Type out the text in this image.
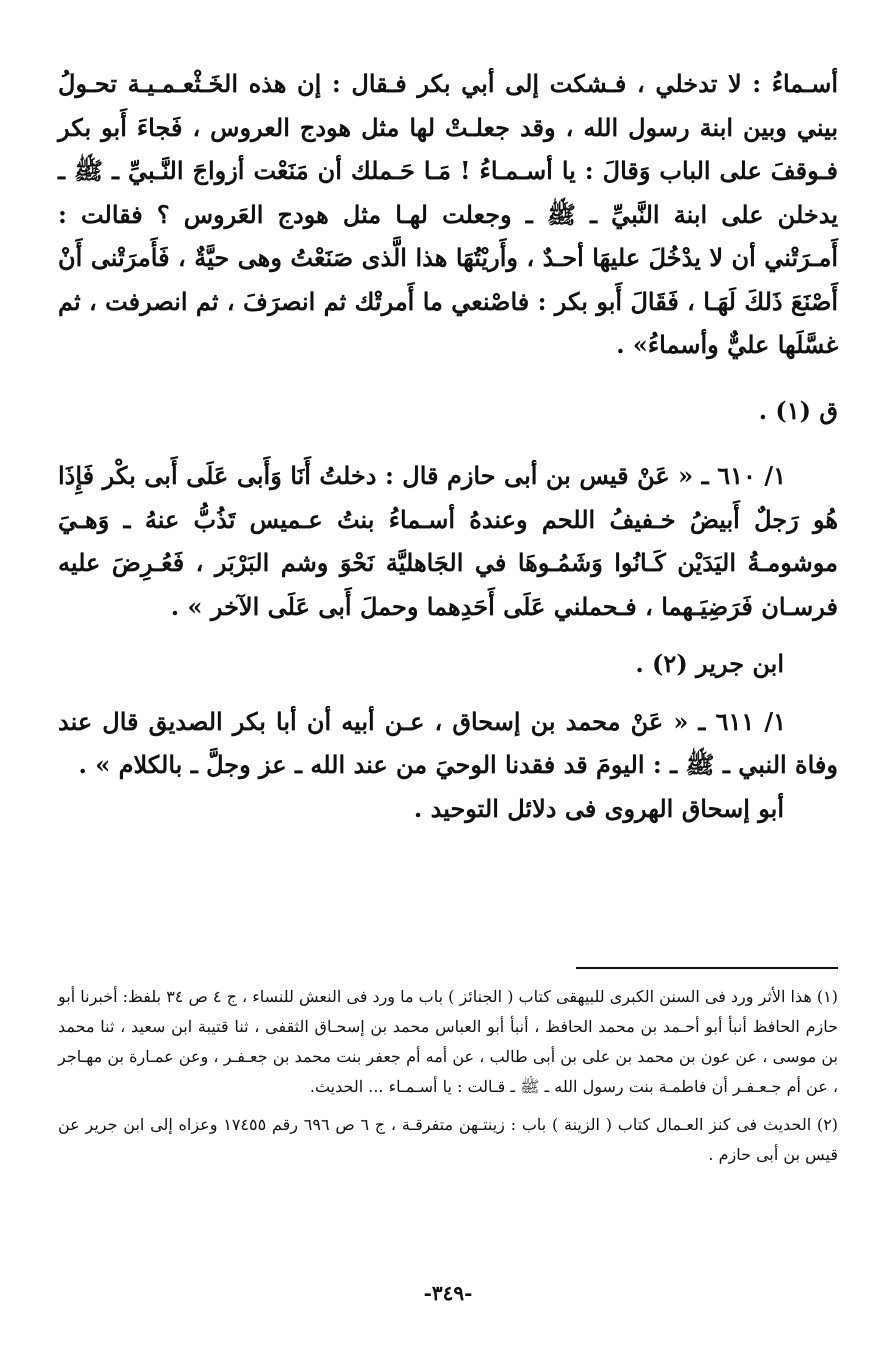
أسـماءُ : لا تدخلي ، فـشكت إلى أبي بكر فـقال : إن هذه الخَـثْعـمـيـة تحـولُ بيني وبين ابنة رسول الله ، وقد جعلـتْ لها مثل هودج العروس ، فَجاءَ أَبو بكر فـوقفَ على الباب وَقالَ : يا أسـمـاءُ ! مَـا حَـملك أن مَنَعْت أزواجَ النَّـبيِّ ـ ﷺ ـ يدخلن على ابنة النَّبيِّ ـ ﷺ ـ وجعلت لهـا مثل هودج العَروس ؟ فقالت : أَمـرَتْني أن لا يدْخُلَ عليهَا أحـدٌ ، وأَريْتُهَا هذا الَّذى صَنَعْتُ وهى حيَّةٌ ، فَأَمرَتْنى أَنْ أَصْنَعَ ذَلكَ لَهَـا ، فَقَالَ أَبو بكر : فاصْنعي ما أَمرتْك ثم انصرَفَ ، ثم انصرفت ، ثم غسَّلَها عليٌّ وأسماءُ» .

ق (١) .

١/ ٦١٠ ـ « عَنْ قيس بن أبى حازم قال : دخلتُ أَنَا وَأَبى عَلَى أَبى بكْر فَإِذَا هُو رَجلٌ أَبيضُ خـفيفُ اللحم وعندهُ أسـماءُ بنتُ عـميس تَذُبُّ عنهُ ـ وَهـيَ موشومـةُ اليَدَيْن كَـانُوا وَشَمُـوهَا في الجَاهليَّة نَحْوَ وشم البَرْبَر ، فَعُـرِضَ عليه فرسـان فَرَضِيَـهما ، فـحملني عَلَى أَحَدِهما وحملَ أَبى عَلَى الآخر » .

ابن جرير (٢) .

١/ ٦١١ ـ « عَنْ محمد بن إسحاق ، عـن أبيه أن أبا بكر الصديق قال عند وفاة النبي ـ ﷺ ـ : اليومَ قد فقدنا الوحيَ من عند الله ـ عز وجلَّ ـ بالكلام » .

أبو إسحاق الهروى فى دلائل التوحيد .

(١) هذا الأثر ورد فى السنن الكبرى للبيهقى كتاب ( الجنائز ) باب ما ورد فى النعش للنساء ، ج ٤ ص ٣٤ بلفظ: أخبرنا أبو حازم الحافظ أنبأ أبو أحـمد بن محمد الحافظ ، أنبأ أبو العباس محمد بن إسحـاق الثقفى ، ثنا قتيبة ابن سعيد ، ثنا محمد بن موسى ، عن عون بن محمد بن على بن أبى طالب ، عن أمه أم جعفر بنت محمد بن جعـفـر ، وعن عمـارة بن مهـاجر ، عن أم جـعـفـر أن فاطمـة بنت رسول الله ـ ﷺ ـ قـالت : يا أسـمـاء ... الحديث.

(٢) الحديث فى كنز العـمال كتاب ( الزينة ) باب : زينتـهن متفرقـة ، ج ٦ ص ٦٩٦ رقم ١٧٤٥٥ وعزاه إلى ابن جرير عن قيس بن أبى حازم .

-٣٤٩-
